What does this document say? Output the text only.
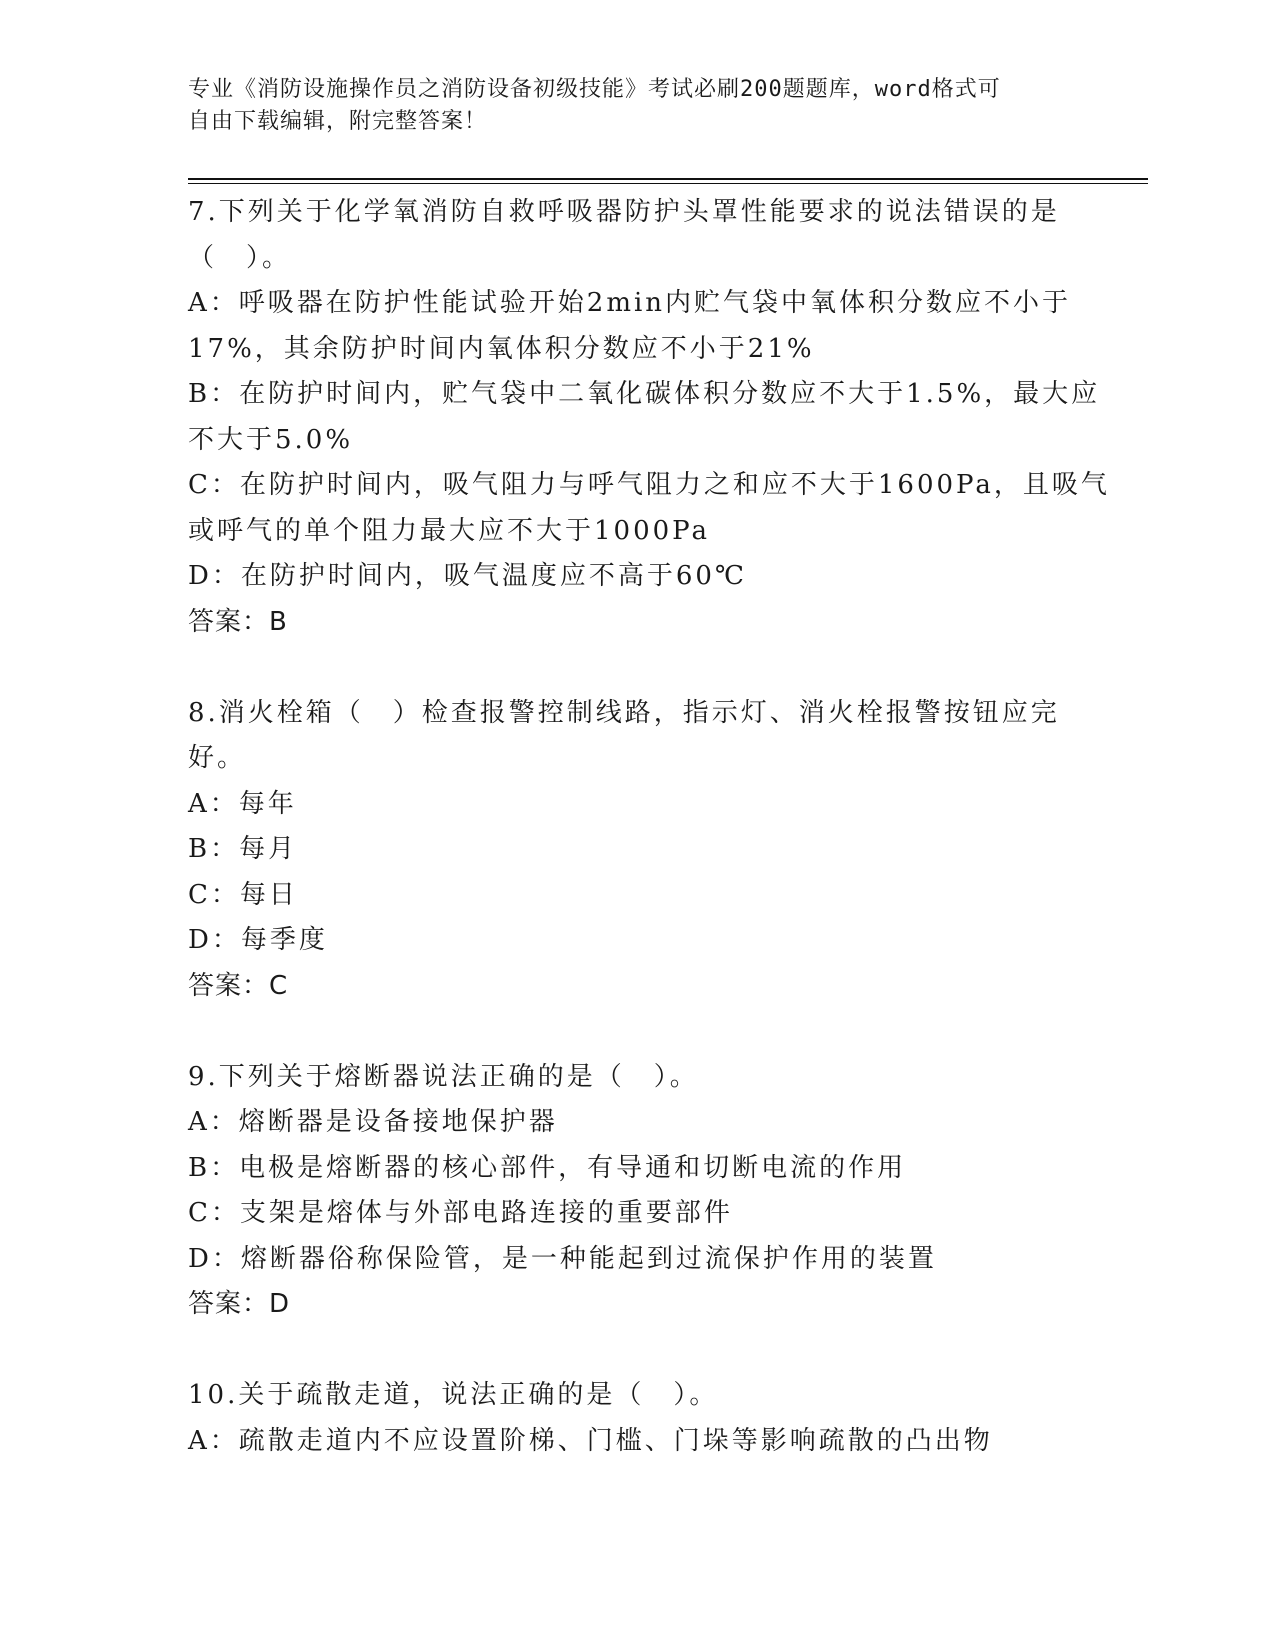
专业《消防设施操作员之消防设备初级技能》考试必刷200题题库，word格式可
自由下载编辑，附完整答案！
7.下列关于化学氧消防自救呼吸器防护头罩性能要求的说法错误的是
（　）。
A：呼吸器在防护性能试验开始2min内贮气袋中氧体积分数应不小于
17%，其余防护时间内氧体积分数应不小于21%
B：在防护时间内，贮气袋中二氧化碳体积分数应不大于1.5%，最大应
不大于5.0%
C：在防护时间内，吸气阻力与呼气阻力之和应不大于1600Pa，且吸气
或呼气的单个阻力最大应不大于1000Pa
D：在防护时间内，吸气温度应不高于60℃
答案：B
8.消火栓箱（　）检查报警控制线路，指示灯、消火栓报警按钮应完
好。
A：每年
B：每月
C：每日
D：每季度
答案：C
9.下列关于熔断器说法正确的是（　）。
A：熔断器是设备接地保护器
B：电极是熔断器的核心部件，有导通和切断电流的作用
C：支架是熔体与外部电路连接的重要部件
D：熔断器俗称保险管，是一种能起到过流保护作用的装置
答案：D
10.关于疏散走道，说法正确的是（　）。
A：疏散走道内不应设置阶梯、门槛、门垛等影响疏散的凸出物
